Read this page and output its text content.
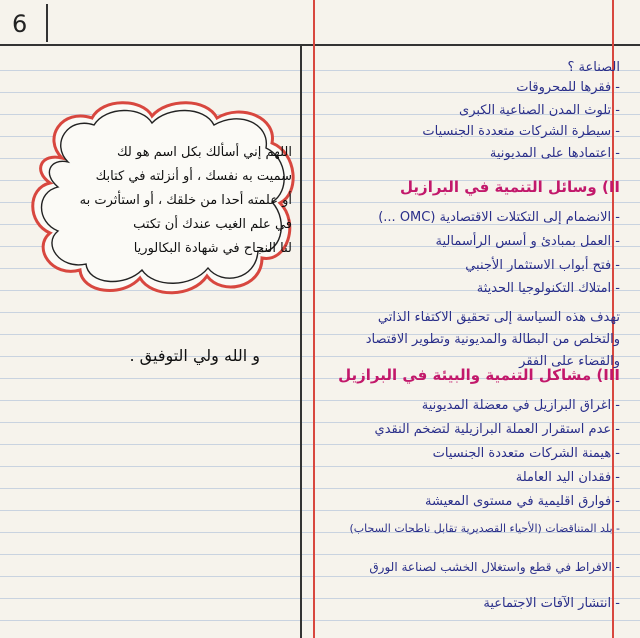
6
الصناعة ؟
- فقرها للمحروقات
- تلوث المدن الصناعية الكبرى
- سيطرة الشركات متعددة الجنسيات
- اعتمادها على المديونية
II) وسائل التنمية في البرازيل
- الانضمام إلى التكتلات الاقتصادية (OMC ...)
- العمل بمبادئ و أسس الرأسمالية
- فتح أبواب الاستثمار الأجنبي
- امتلاك التكنولوجيا الحديثة
تهدف هذه السياسة إلى تحقيق الاكتفاء الذاتي
والتخلص من البطالة والمديونية وتطوير الاقتصاد
والقضاء على الفقر
III) مشاكل التنمية والبيئة في البرازيل
- اغراق البرازيل في معضلة المديونية
- عدم استقرار العملة البرازيلية لتضخم النقدي
- هيمنة الشركات متعددة الجنسيات
- فقدان اليد العاملة
- فوارق اقليمية في مستوى المعيشة
- بلد المتناقضات (الأحياء القصديرية تقابل ناطحات السحاب)
- الافراط في قطع واستغلال الخشب لصناعة الورق
- انتشار الآفات الاجتماعية
اللهم إني أسألك بكل اسم هو لك
سميت به نفسك ، أو أنزلته في كتابك
أو علمته أحدا من خلقك ، أو استأثرت به
في علم الغيب عندك أن تكتب
لنا النجاح في شهادة البكالوريا
و الله ولي التوفيق .
